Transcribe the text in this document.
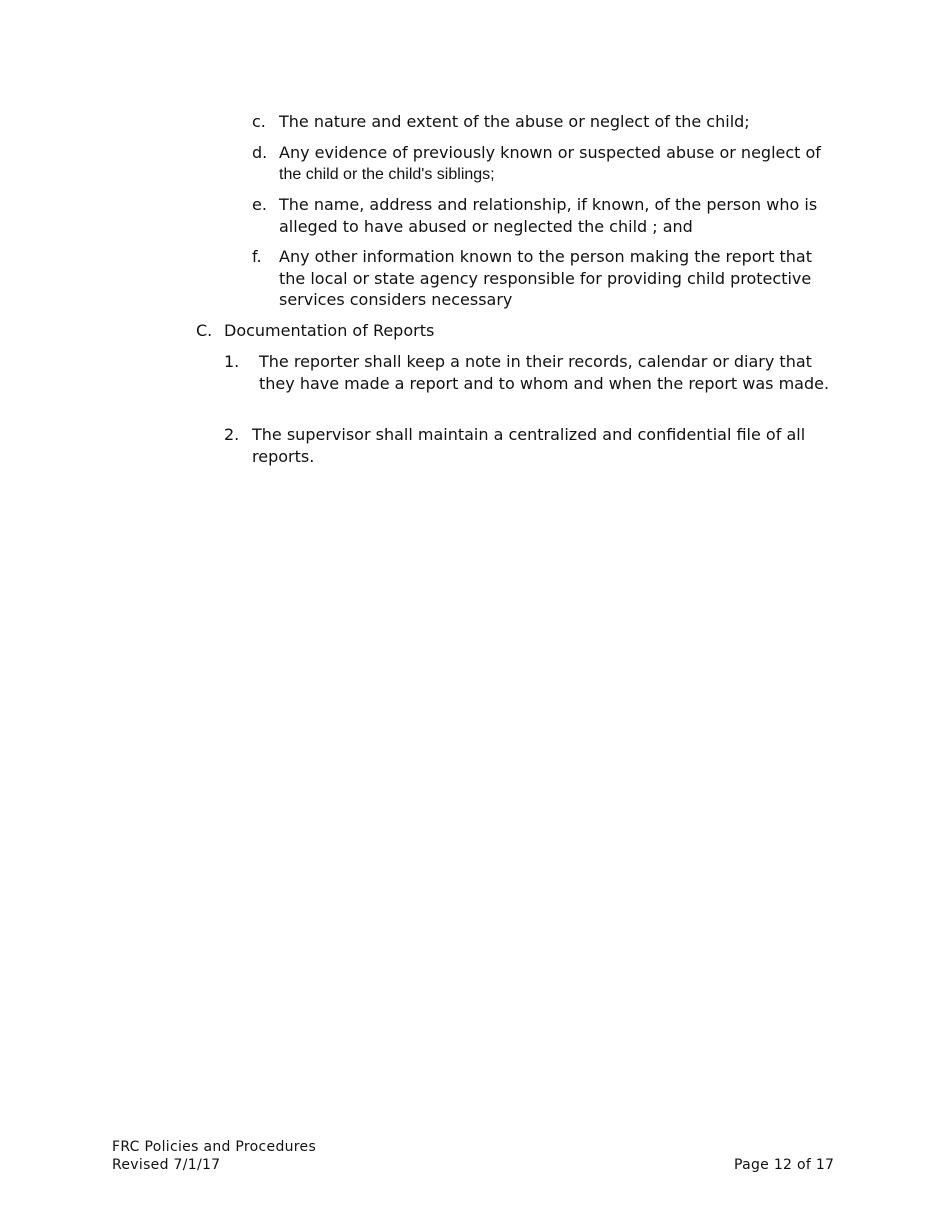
c. The nature and extent of the abuse or neglect of the child;
d. Any evidence of previously known or suspected abuse or neglect of
the child or the child's siblings;
e. The name, address and relationship, if known, of the person who is alleged to have abused or neglected the child ; and
f. Any other information known to the person making the report that the local or state agency responsible for providing child protective services considers necessary
C. Documentation of Reports
1. The reporter shall keep a note in their records, calendar or diary that they have made a report and to whom and when the report was made.
2. The supervisor shall maintain a centralized and confidential file of all reports.
FRC Policies and Procedures
Revised 7/1/17	Page 12 of 17
